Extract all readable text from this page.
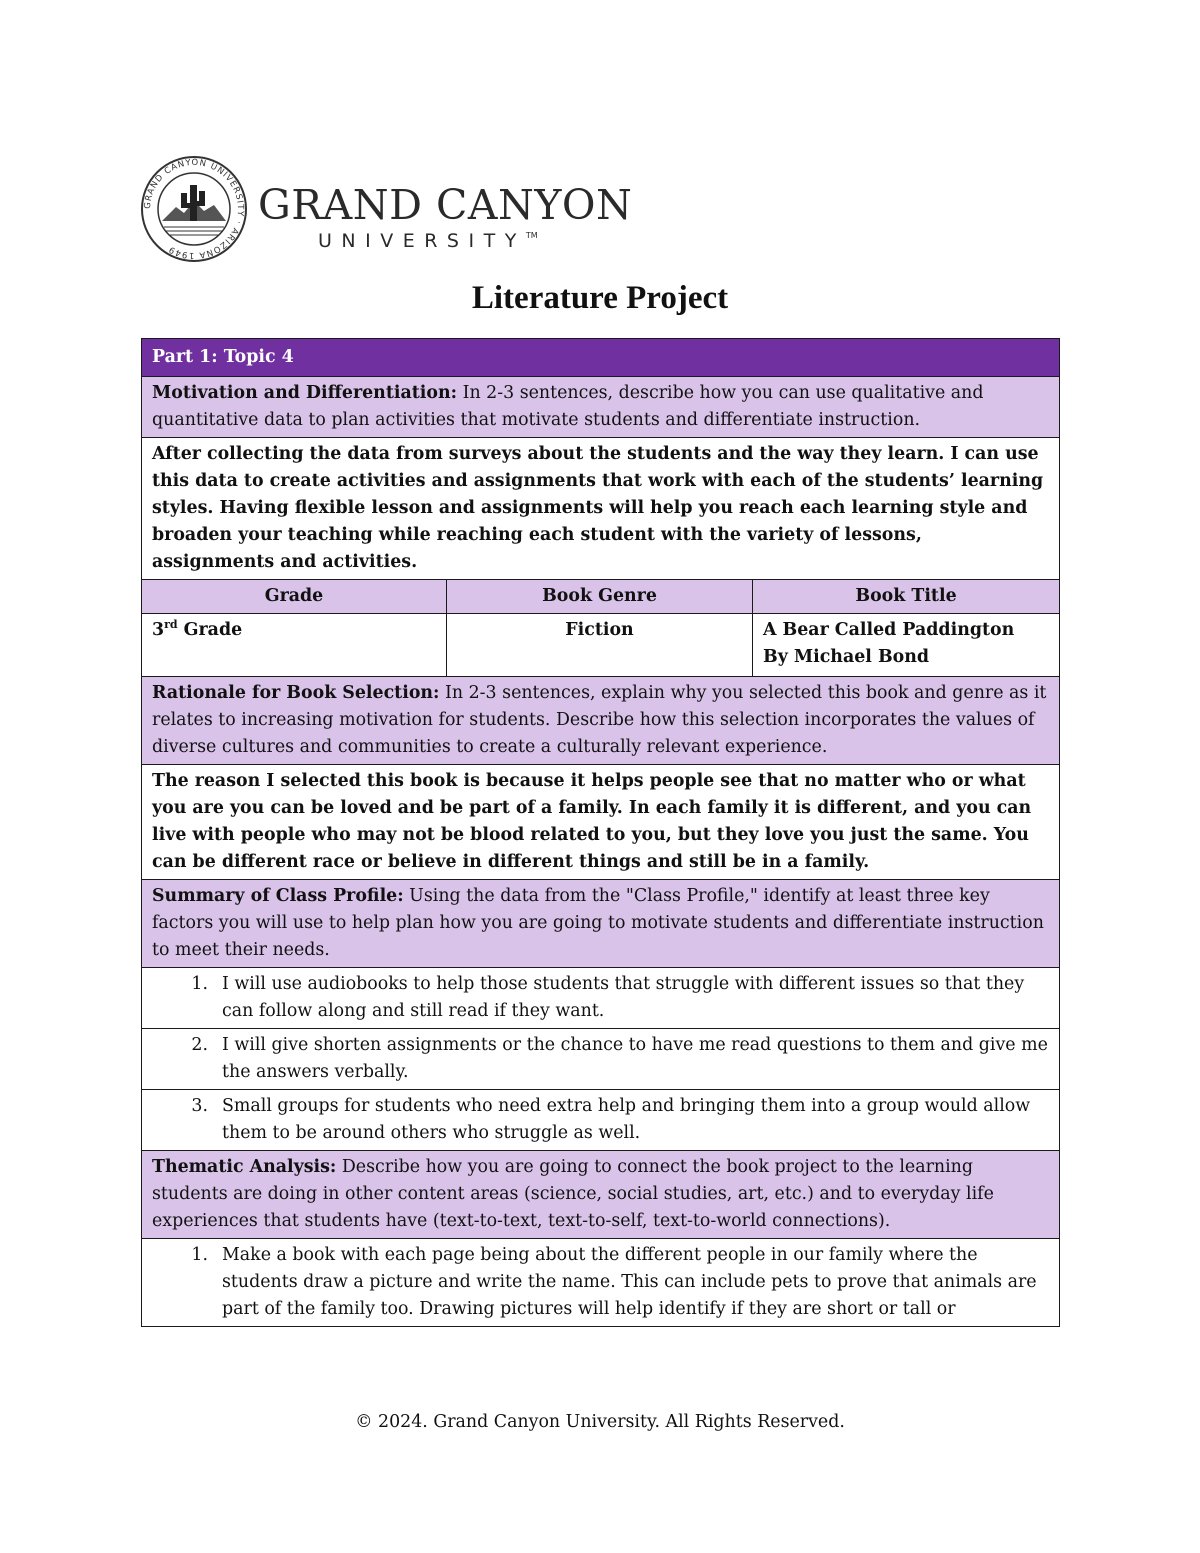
GRAND CANYON UNIVERSITY · ARIZONA 1949
GRAND CANYON
UNIVERSITY™
Literature Project
Part 1: Topic 4		
Motivation and Differentiation: In 2-3 sentences, describe how you can use qualitative and quantitative data to plan activities that motivate students and differentiate instruction.		
After collecting the data from surveys about the students and the way they learn. I can use this data to create activities and assignments that work with each of the students’ learning styles. Having flexible lesson and assignments will help you reach each learning style and broaden your teaching while reaching each student with the variety of lessons, assignments and activities.		
Grade	Book Genre	Book Title
3rd Grade	Fiction	A Bear Called Paddington
By Michael Bond

Rationale for Book Selection: In 2-3 sentences, explain why you selected this book and genre as it relates to increasing motivation for students. Describe how this selection incorporates the values of diverse cultures and communities to create a culturally relevant experience.		
The reason I selected this book is because it helps people see that no matter who or what you are you can be loved and be part of a family. In each family it is different, and you can live with people who may not be blood related to you, but they love you just the same. You can be different race or believe in different things and still be in a family.		
Summary of Class Profile: Using the data from the "Class Profile," identify at least three key factors you will use to help plan how you are going to motivate students and differentiate instruction to meet their needs.		

1. I will use audiobooks to help those students that struggle with different issues so that they can follow along and still read if they want.		

2. I will give shorten assignments or the chance to have me read questions to them and give me the answers verbally.		

3. Small groups for students who need extra help and bringing them into a group would allow them to be around others who struggle as well.		

Thematic Analysis: Describe how you are going to connect the book project to the learning students are doing in other content areas (science, social studies, art, etc.) and to everyday life experiences that students have (text-to-text, text-to-self, text-to-world connections).		

1. Make a book with each page being about the different people in our family where the students draw a picture and write the name. This can include pets to prove that animals are part of the family too. Drawing pictures will help identify if they are short or tall or		
© 2024. Grand Canyon University. All Rights Reserved.
